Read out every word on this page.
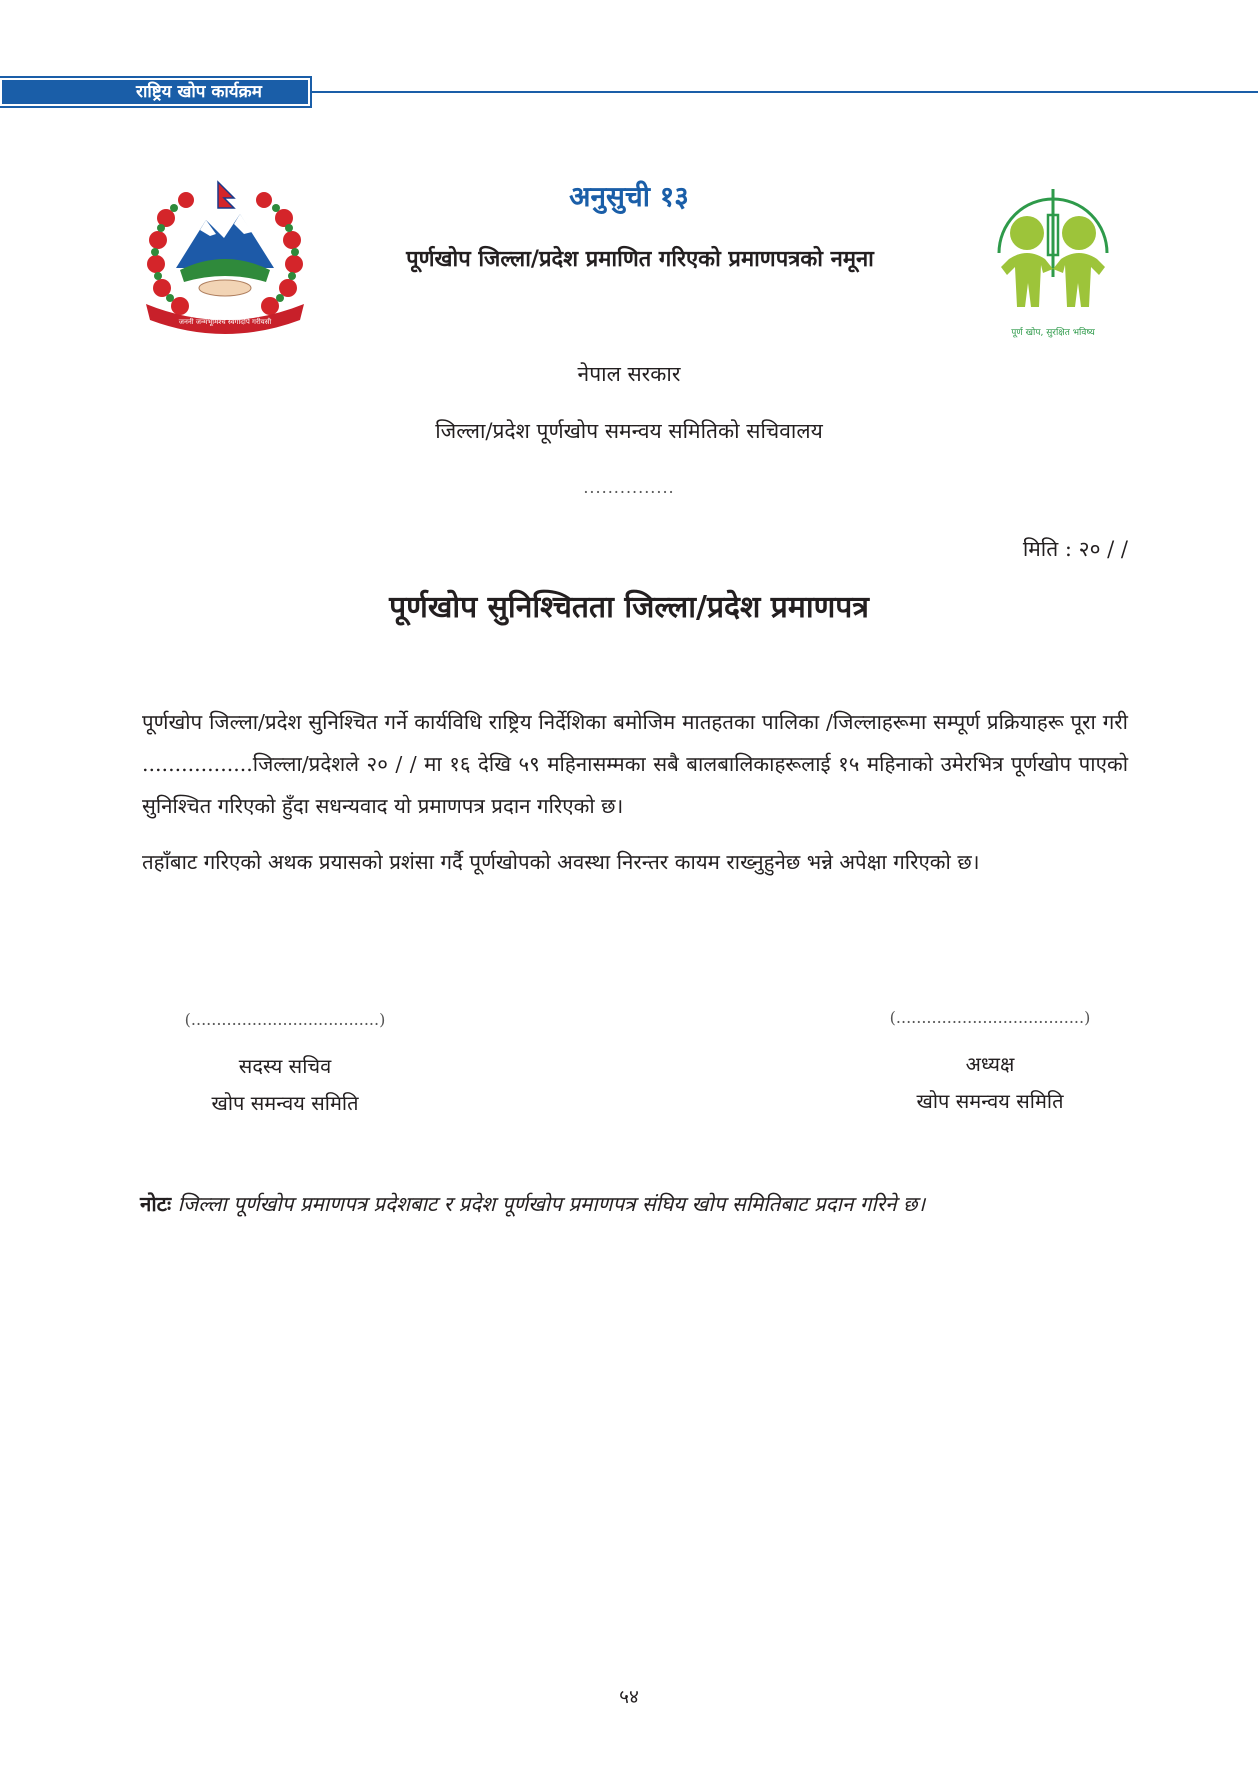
राष्ट्रिय खोप कार्यक्रम
जननी जन्मभूमिश्च स्वर्गादपि गरीयसी
पूर्ण खोप, सुरक्षित भविष्य
अनुसुची १३
पूर्णखोप जिल्ला/प्रदेश प्रमाणित गरिएको प्रमाणपत्रको नमूना
नेपाल सरकार
जिल्ला/प्रदेश पूर्णखोप समन्वय समितिको सचिवालय
...............
मिति : २० / /
पूर्णखोप सुनिश्चितता जिल्ला/प्रदेश प्रमाणपत्र
पूर्णखोप जिल्ला/प्रदेश सुनिश्चित गर्ने कार्यविधि राष्ट्रिय निर्देशिका बमोजिम मातहतका पालिका /जिल्लाहरूमा सम्पूर्ण प्रक्रियाहरू पूरा गरी .................जिल्ला/प्रदेशले २० / / मा १६ देखि ५९ महिनासम्मका सबै बालबालिकाहरूलाई १५ महिनाको उमेरभित्र पूर्णखोप पाएको सुनिश्चित गरिएको हुँदा सधन्यवाद यो प्रमाणपत्र प्रदान गरिएको छ।
तहाँबाट गरिएको अथक प्रयासको प्रशंसा गर्दै पूर्णखोपको अवस्था निरन्तर कायम राख्नुहुनेछ भन्ने अपेक्षा गरिएको छ।
(.....................................)
सदस्य सचिव
खोप समन्वय समिति
(.....................................)
अध्यक्ष
खोप समन्वय समिति
नोटः जिल्ला पूर्णखोप प्रमाणपत्र प्रदेशबाट र प्रदेश पूर्णखोप प्रमाणपत्र संघिय खोप समितिबाट प्रदान गरिने छ।
५४
